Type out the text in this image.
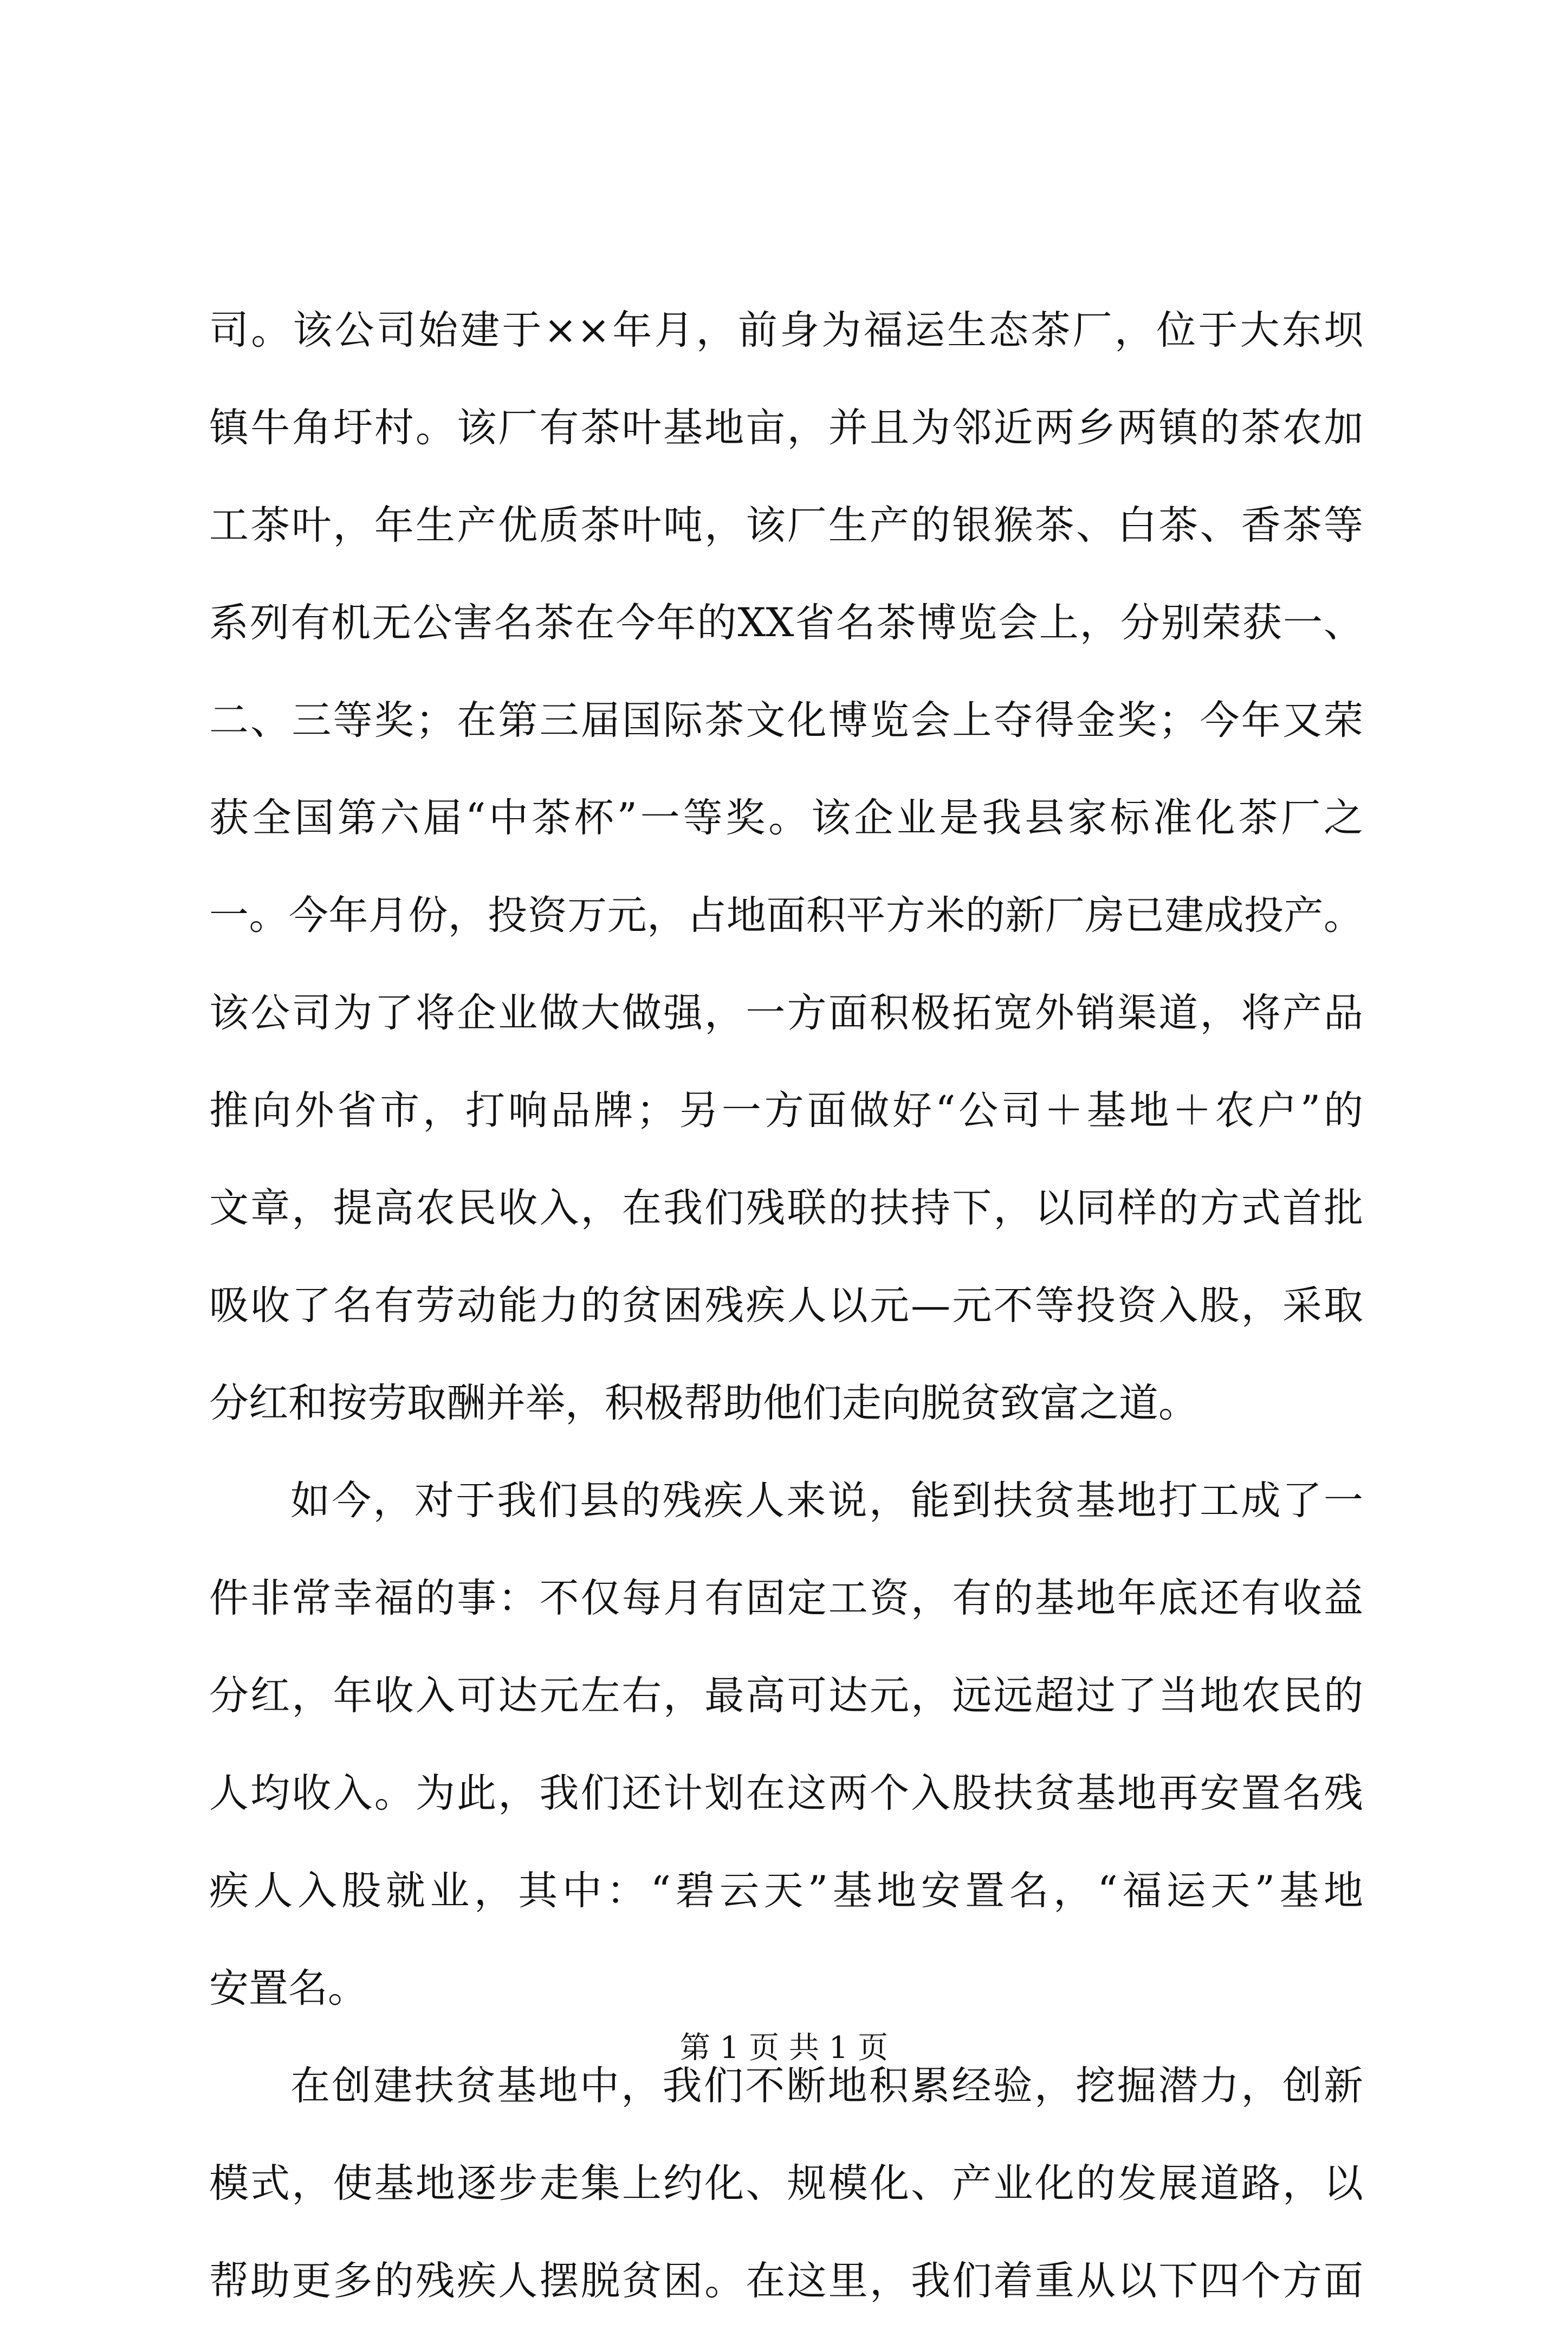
司。该公司始建于××年月，前身为福运生态茶厂，位于大东坝
镇牛角圩村。该厂有茶叶基地亩，并且为邻近两乡两镇的茶农加
工茶叶，年生产优质茶叶吨，该厂生产的银猴茶、白茶、香茶等
系列有机无公害名茶在今年的XX省名茶博览会上，分别荣获一、
二、三等奖；在第三届国际茶文化博览会上夺得金奖；今年又荣
获全国第六届“中茶杯”一等奖。该企业是我县家标准化茶厂之
一。今年月份，投资万元，占地面积平方米的新厂房已建成投产。
该公司为了将企业做大做强，一方面积极拓宽外销渠道，将产品
推向外省市，打响品牌；另一方面做好“公司＋基地＋农户”的
文章，提高农民收入，在我们残联的扶持下，以同样的方式首批
吸收了名有劳动能力的贫困残疾人以元—元不等投资入股，采取
分红和按劳取酬并举，积极帮助他们走向脱贫致富之道。
如今，对于我们县的残疾人来说，能到扶贫基地打工成了一
件非常幸福的事：不仅每月有固定工资，有的基地年底还有收益
分红，年收入可达元左右，最高可达元，远远超过了当地农民的
人均收入。为此，我们还计划在这两个入股扶贫基地再安置名残
疾人入股就业，其中：“碧云天”基地安置名，“福运天”基地
安置名。
在创建扶贫基地中，我们不断地积累经验，挖掘潜力，创新
模式，使基地逐步走集上约化、规模化、产业化的发展道路，以
帮助更多的残疾人摆脱贫困。在这里，我们着重从以下四个方面
第 1 页 共 1 页
